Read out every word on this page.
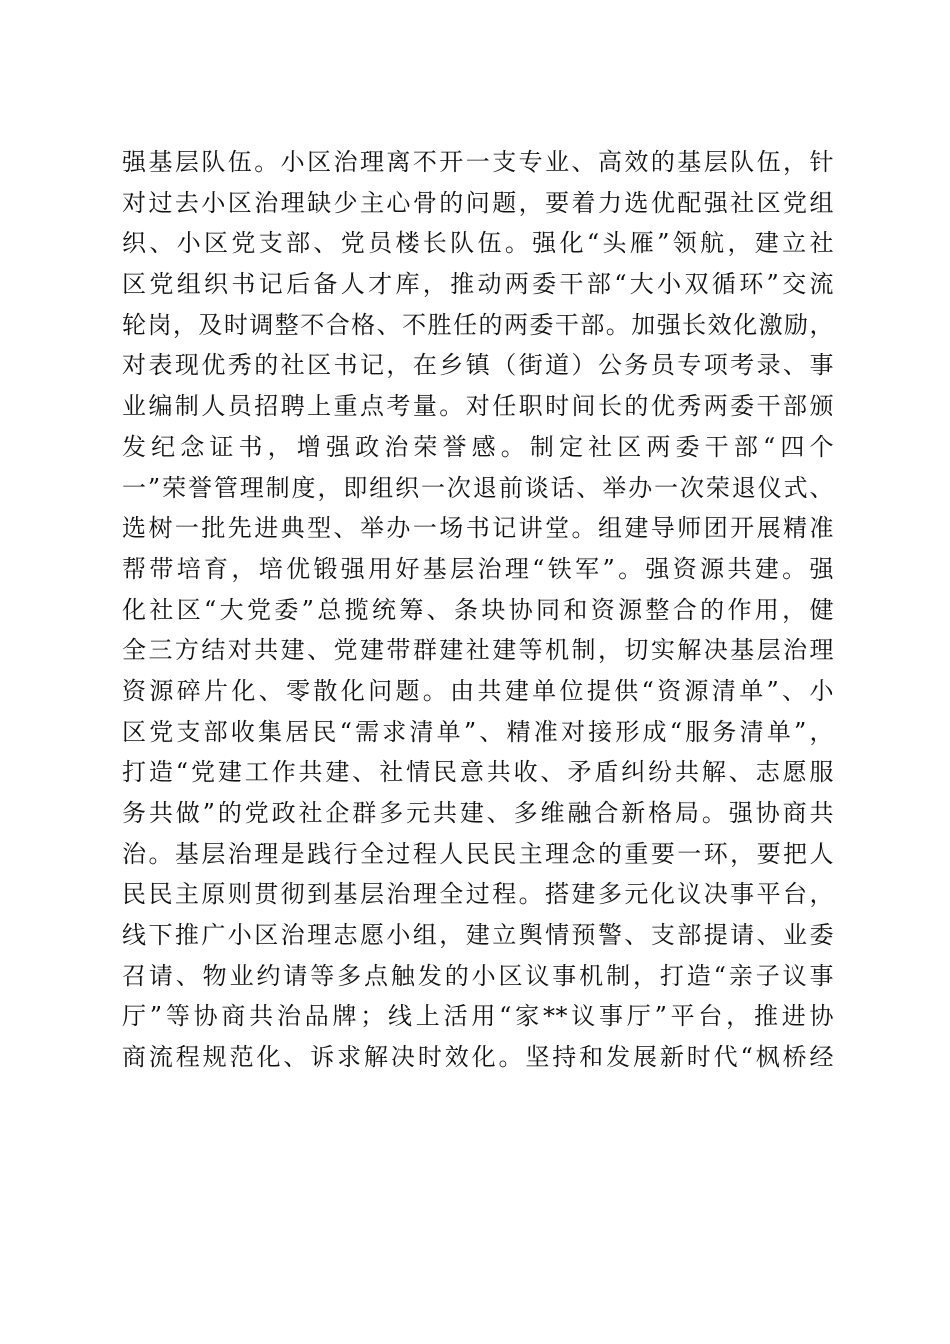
强基层队伍。小区治理离不开一支专业、高效的基层队伍，针
对过去小区治理缺少主心骨的问题，要着力选优配强社区党组
织、小区党支部、党员楼长队伍。强化“头雁”领航，建立社
区党组织书记后备人才库，推动两委干部“大小双循环”交流
轮岗，及时调整不合格、不胜任的两委干部。加强长效化激励，
对表现优秀的社区书记，在乡镇（街道）公务员专项考录、事
业编制人员招聘上重点考量。对任职时间长的优秀两委干部颁
发纪念证书，增强政治荣誉感。制定社区两委干部“四个
一”荣誉管理制度，即组织一次退前谈话、举办一次荣退仪式、
选树一批先进典型、举办一场书记讲堂。组建导师团开展精准
帮带培育，培优锻强用好基层治理“铁军”。强资源共建。强
化社区“大党委”总揽统筹、条块协同和资源整合的作用，健
全三方结对共建、党建带群建社建等机制，切实解决基层治理
资源碎片化、零散化问题。由共建单位提供“资源清单”、小
区党支部收集居民“需求清单”、精准对接形成“服务清单”，
打造“党建工作共建、社情民意共收、矛盾纠纷共解、志愿服
务共做”的党政社企群多元共建、多维融合新格局。强协商共
治。基层治理是践行全过程人民民主理念的重要一环，要把人
民民主原则贯彻到基层治理全过程。搭建多元化议决事平台，
线下推广小区治理志愿小组，建立舆情预警、支部提请、业委
召请、物业约请等多点触发的小区议事机制，打造“亲子议事
厅”等协商共治品牌；线上活用“家**议事厅”平台，推进协
商流程规范化、诉求解决时效化。坚持和发展新时代“枫桥经
